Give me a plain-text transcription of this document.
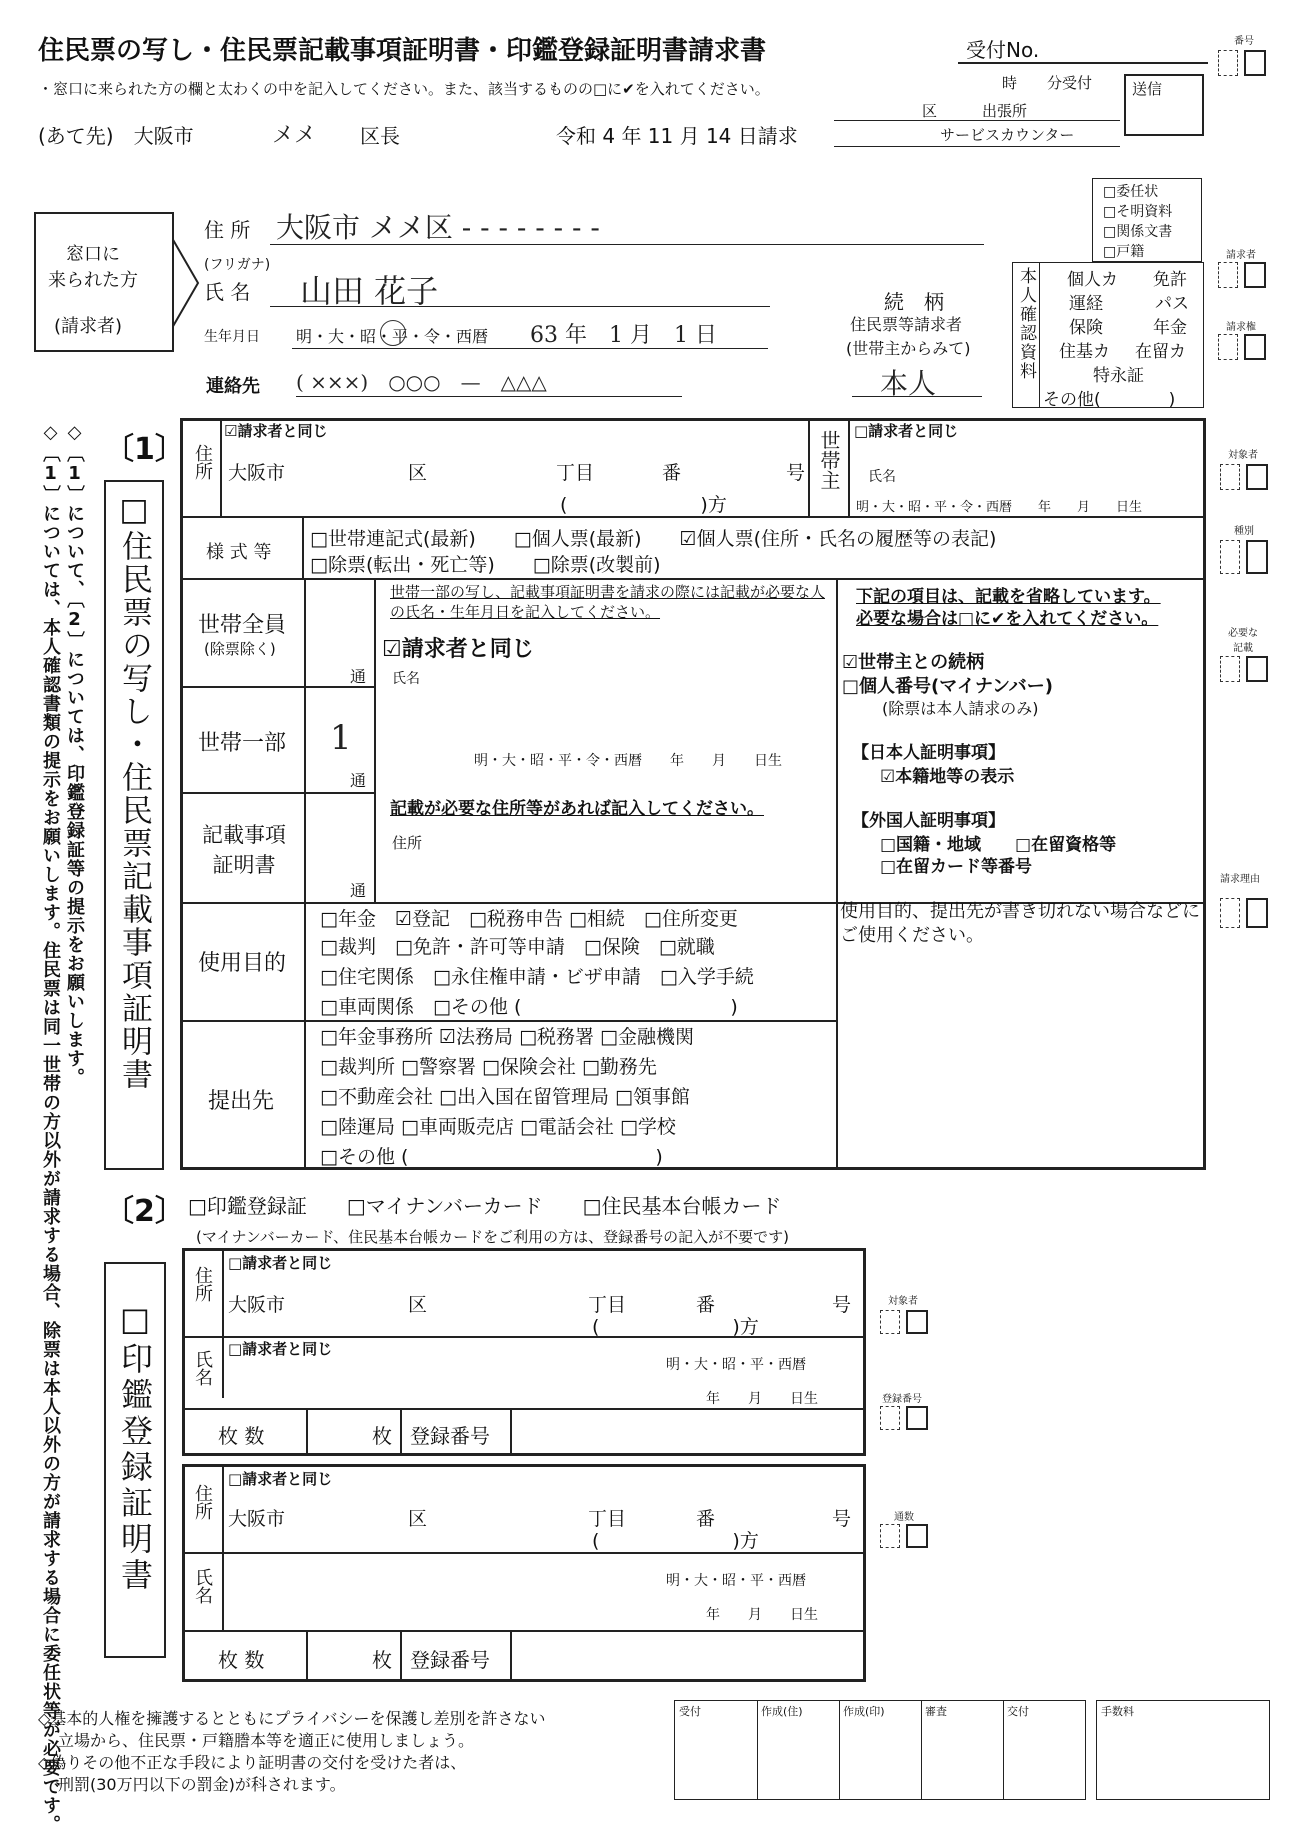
住民票の写し・住民票記載事項証明書・印鑑登録証明書請求書
・窓口に来られた方の欄と太わくの中を記入してください。また、該当するものの□に✔を入れてください。
受付No.
時　　分受付	送信
区　　　出張所
サービスカウンター
番号
(あて先)　大阪市	メメ 区長	令和 4 年 11 月 14 日請求
窓口に
来られた方
(請求者)
住 所 大阪市 メメ区 - - - - - - - -
(フリガナ)
氏 名 山田 花子
生年月日 明・大・昭・平・令・西暦 63 年　1 月　1 日
連絡先 ( ×××)　○○○　—　△△△
続　柄
住民票等請求者
(世帯主からみて)
本人
□委任状
□そ明資料
□関係文書
□戸籍
本人確認資料 個人カ 免許
運経	パス
保険	年金
住基カ 在留カ
特永証
その他(　　　　)
請求者
請求権
◇〔1〕については、本人確認書類の提示をお願いします。住民票は同一世帯の方以外が請求する場合、除票は本人以外の方が請求する場合に委任状等が必要です。 ◇〔1〕について、〔2〕については、印鑑登録証等の提示をお願いします。 〔1〕
□住民票の写し・住民票記載事項証明書
住所
☑請求者と同じ
大阪市	区	丁目	番	号
(　　　　　　　)方
世帯主 □請求者と同じ
氏名
明・大・昭・平・令・西暦　　年　　月　　日生
様 式 等
□世帯連記式(最新)　　□個人票(最新)　　☑個人票(住所・氏名の履歴等の表記)
□除票(転出・死亡等)　　□除票(改製前)
世帯全員
(除票除く)
通
世帯一部 1
通
記載事項証明書
通
世帯一部の写し、記載事項証明書を請求の際には記載が必要な人の氏名・生年月日を記入してください。
☑請求者と同じ
氏名
明・大・昭・平・令・西暦　　年　　月　　日生
記載が必要な住所等があれば記入してください。
住所
下記の項目は、記載を省略しています。
必要な場合は□に✔を入れてください。
☑世帯主との続柄
□個人番号(マイナンバー)
(除票は本人請求のみ)
【日本人証明事項】
☑本籍地等の表示
【外国人証明事項】
□国籍・地域　　□在留資格等
□在留カード等番号
使用目的
□年金　☑登記　□税務申告 □相続　□住所変更
□裁判　□免許・許可等申請　□保険　□就職
□住宅関係　□永住権申請・ビザ申請　□入学手続
□車両関係　□その他 (　　　　　　　　　　　)
使用目的、提出先が書き切れない場合などにご使用ください。
提出先
□年金事務所 ☑法務局 □税務署 □金融機関
□裁判所 □警察署 □保険会社 □勤務先
□不動産会社 □出入国在留管理局 □領事館
□陸運局 □車両販売店 □電話会社 □学校
□その他 (　　　　　　　　　　　　　)
対象者
種別
必要な記載
請求理由
〔2〕 □印鑑登録証　　□マイナンバーカード　　□住民基本台帳カード
(マイナンバーカード、住民基本台帳カードをご利用の方は、登録番号の記入が不要です)
□印鑑登録証明書
住所
□請求者と同じ
大阪市	区	丁目	番	号
(　　　　　　　)方
氏名
□請求者と同じ
明・大・昭・平・西暦
年　　月　　日生
枚 数	枚 登録番号
住所
□請求者と同じ
大阪市	区	丁目	番	号
(　　　　　　　)方
氏名	明・大・昭・平・西暦
年　　月　　日生
枚 数	枚 登録番号
対象者
登録番号
通数
◇基本的人権を擁護するとともにプライバシーを保護し差別を許さない
立場から、住民票・戸籍謄本等を適正に使用しましょう。
◇偽りその他不正な手段により証明書の交付を受けた者は、
刑罰(30万円以下の罰金)が科されます。
受付	作成(住)	作成(印)	審査	交付	手数料
